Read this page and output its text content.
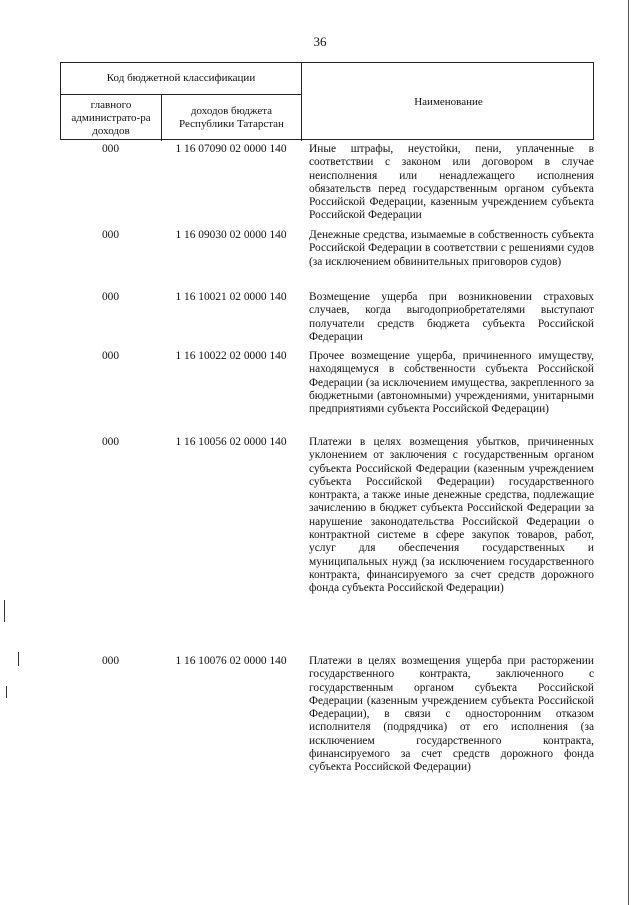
36
Код бюджетной классификации
главного администрато-ра доходов
доходов бюджета Республики Татарстан
Наименование
000	1 16 07090 02 0000 140	Иные штрафы, неустойки, пени, уплаченные в соответствии с законом или договором в случае неисполнения или ненадлежащего исполнения обязательств перед государственным органом субъекта Российской Федерации, казенным учреждением субъекта Российской Федерации
000	1 16 09030 02 0000 140	Денежные средства, изымаемые в собственность субъекта Российской Федерации в соответствии с решениями судов (за исключением обвинительных приговоров судов)
000	1 16 10021 02 0000 140	Возмещение ущерба при возникновении страховых случаев, когда выгодоприобретателями выступают получатели средств бюджета субъекта Российской Федерации
000	1 16 10022 02 0000 140	Прочее возмещение ущерба, причиненного имуществу, находящемуся в собственности субъекта Российской Федерации (за исключением имущества, закрепленного за бюджетными (автономными) учреждениями, унитарными предприятиями субъекта Российской Федерации)
000	1 16 10056 02 0000 140	Платежи в целях возмещения убытков, причиненных уклонением от заключения с государственным органом субъекта Российской Федерации (казенным учреждением субъекта Российской Федерации) государственного контракта, а также иные денежные средства, подлежащие зачислению в бюджет субъекта Российской Федерации за нарушение законодательства Российской Федерации о контрактной системе в сфере закупок товаров, работ, услуг для обеспечения государственных и муниципальных нужд (за исключением государственного контракта, финансируемого за счет средств дорожного фонда субъекта Российской Федерации)
000	1 16 10076 02 0000 140	Платежи в целях возмещения ущерба при расторжении государственного контракта, заключенного с государственным органом субъекта Российской Федерации (казенным учреждением субъекта Российской Федерации), в связи с односторонним отказом исполнителя (подрядчика) от его исполнения (за исключением государственного контракта, финансируемого за счет средств дорожного фонда субъекта Российской Федерации)
